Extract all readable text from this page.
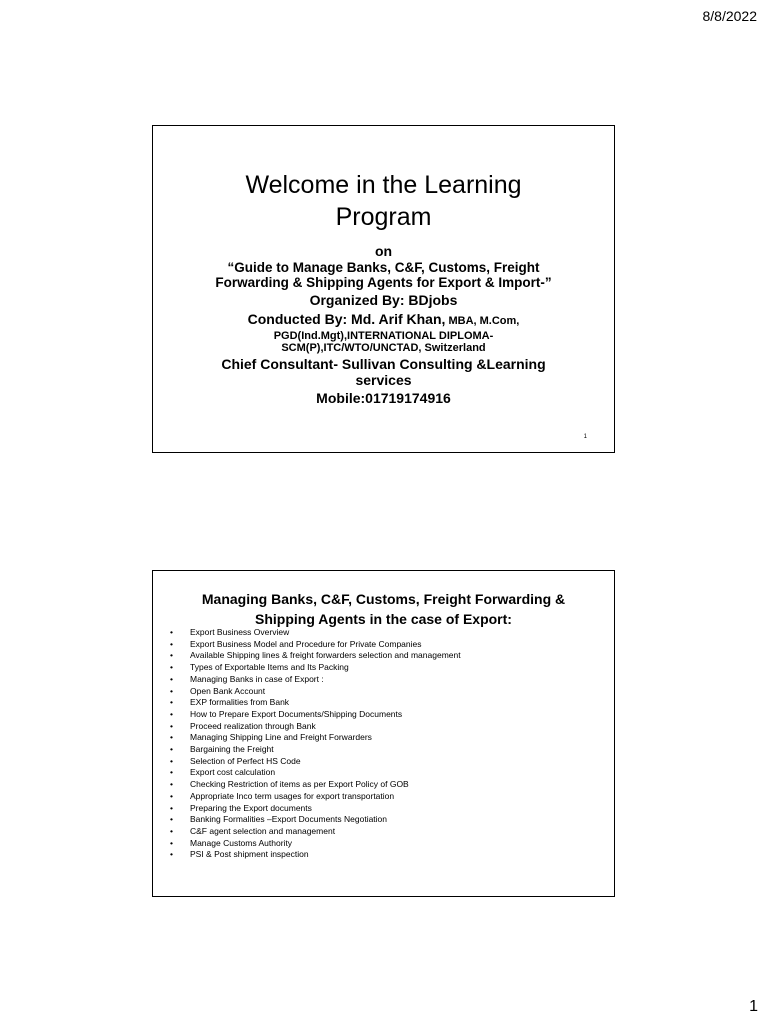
8/8/2022
Welcome in the Learning
Program
on
“Guide to Manage Banks, C&F, Customs, Freight
Forwarding & Shipping Agents for Export & Import-”
Organized By: BDjobs
Conducted By: Md. Arif Khan, MBA, M.Com,
PGD(Ind.Mgt),INTERNATIONAL DIPLOMA-
SCM(P),ITC/WTO/UNCTAD, Switzerland
Chief Consultant- Sullivan Consulting &Learning
services
Mobile:01719174916
1
Managing Banks, C&F, Customs, Freight Forwarding &
Shipping Agents in the case of Export:
• Export Business Overview
• Export Business Model and Procedure for Private Companies
• Available Shipping lines & freight forwarders selection and management
• Types of Exportable Items and Its Packing
• Managing Banks in case of Export :
• Open Bank Account
• EXP formalities from Bank
• How to Prepare Export Documents/Shipping Documents
• Proceed realization through Bank
• Managing Shipping Line and Freight Forwarders
• Bargaining the Freight
• Selection of Perfect HS Code
• Export cost calculation
• Checking Restriction of items as per Export Policy of GOB
• Appropriate Inco term usages for export transportation
• Preparing the Export documents
• Banking Formalities –Export Documents Negotiation
• C&F agent selection and management
• Manage Customs Authority
• PSI & Post shipment inspection
1
